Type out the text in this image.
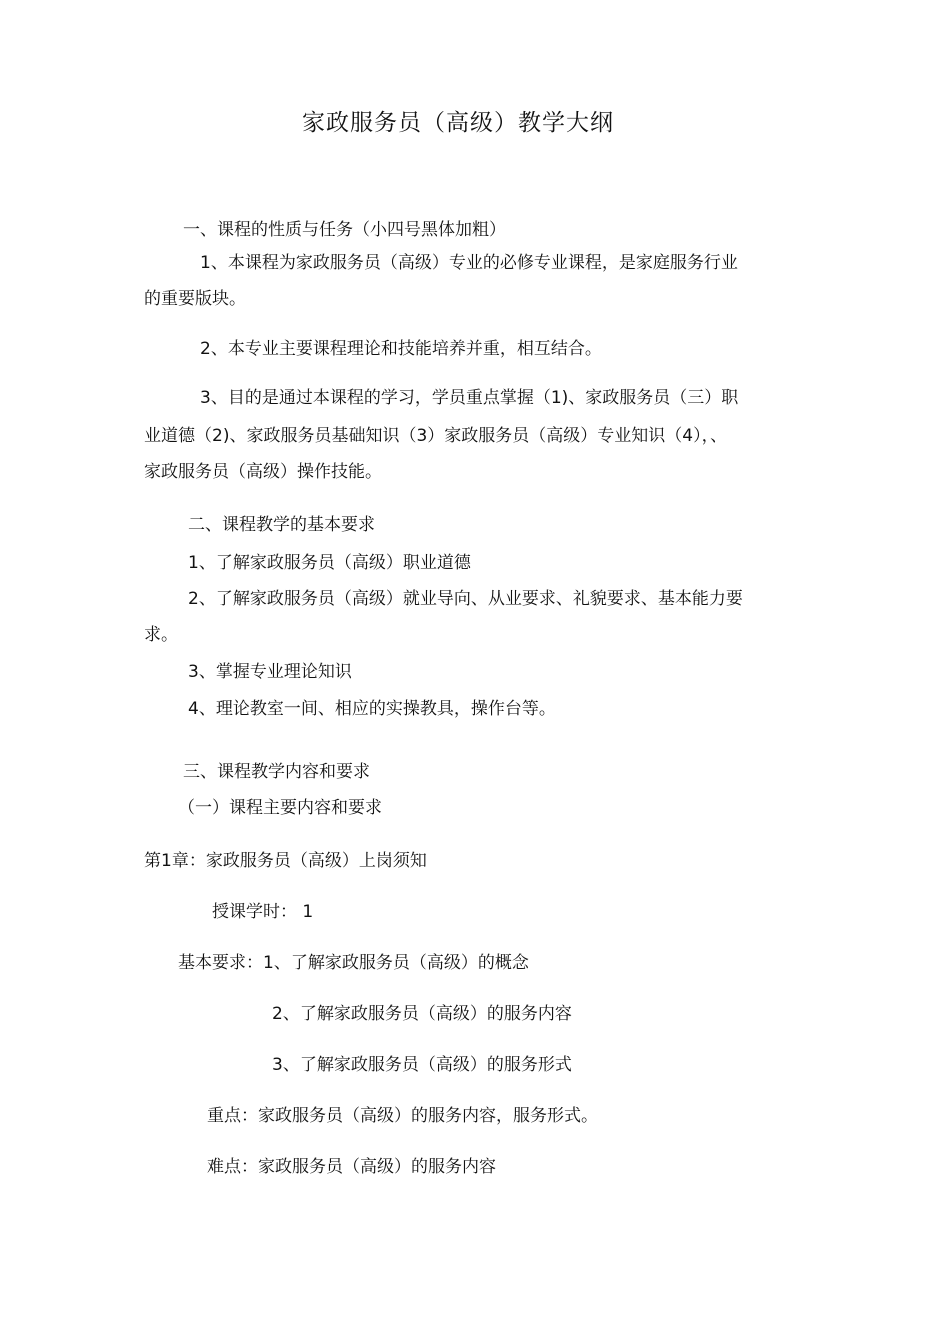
家政服务员（高级）教学大纲
一、课程的性质与任务（小四号黑体加粗）
1、本课程为家政服务员（高级）专业的必修专业课程，是家庭服务行业
的重要版块。
2、本专业主要课程理论和技能培养并重，相互结合。
3、目的是通过本课程的学习，学员重点掌握（1)、家政服务员（三）职
业道德（2)、家政服务员基础知识（3）家政服务员（高级）专业知识（4），、
家政服务员（高级）操作技能。
二、课程教学的基本要求
1、了解家政服务员（高级）职业道德
2、了解家政服务员（高级）就业导向、从业要求、礼貌要求、基本能力要
求。
3、掌握专业理论知识
4、理论教室一间、相应的实操教具，操作台等。
三、课程教学内容和要求
（一）课程主要内容和要求
第1章：家政服务员（高级）上岗须知
授课学时： 1
基本要求：1、了解家政服务员（高级）的概念
2、了解家政服务员（高级）的服务内容
3、了解家政服务员（高级）的服务形式
重点：家政服务员（高级）的服务内容，服务形式。
难点：家政服务员（高级）的服务内容
